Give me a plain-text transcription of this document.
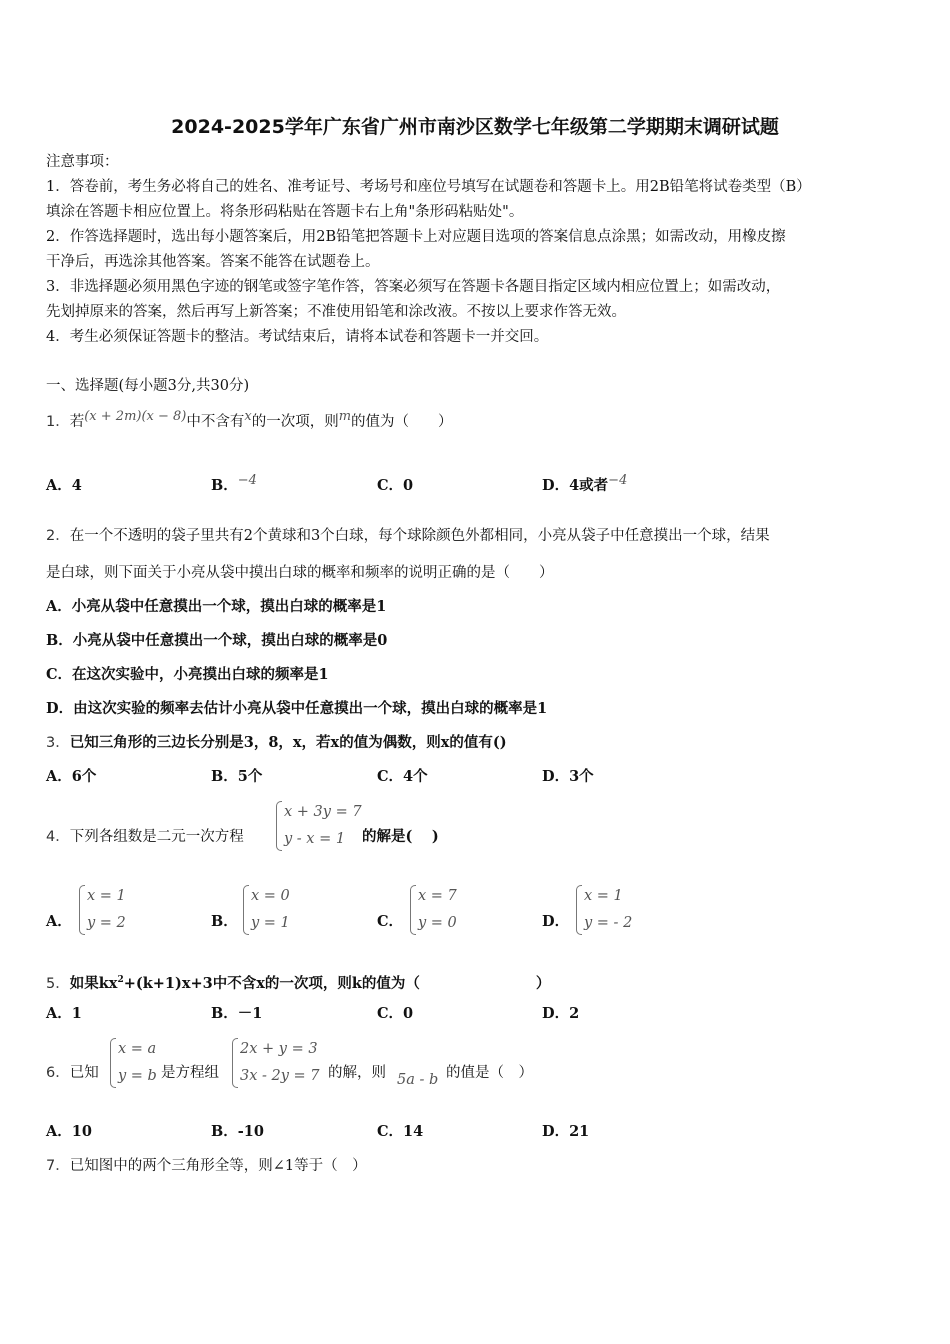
2024-2025学年广东省广州市南沙区数学七年级第二学期期末调研试题
注意事项：
1．答卷前，考生务必将自己的姓名、准考证号、考场号和座位号填写在试题卷和答题卡上。用2B铅笔将试卷类型（B）
填涂在答题卡相应位置上。将条形码粘贴在答题卡右上角"条形码粘贴处"。
2．作答选择题时，选出每小题答案后，用2B铅笔把答题卡上对应题目选项的答案信息点涂黑；如需改动，用橡皮擦
干净后，再选涂其他答案。答案不能答在试题卷上。
3．非选择题必须用黑色字迹的钢笔或签字笔作答，答案必须写在答题卡各题目指定区域内相应位置上；如需改动，
先划掉原来的答案，然后再写上新答案；不准使用铅笔和涂改液。不按以上要求作答无效。
4．考生必须保证答题卡的整洁。考试结束后，请将本试卷和答题卡一并交回。
一、选择题(每小题3分,共30分)
1．若(x + 2m)(x − 8)中不含有x的一次项，则m的值为（　　）
A．4	B．−4	C．0	D．4或者−4
2．在一个不透明的袋子里共有2个黄球和3个白球，每个球除颜色外都相同，小亮从袋子中任意摸出一个球，结果
是白球，则下面关于小亮从袋中摸出白球的概率和频率的说明正确的是（　　）
A．小亮从袋中任意摸出一个球，摸出白球的概率是1
B．小亮从袋中任意摸出一个球，摸出白球的概率是0
C．在这次实验中，小亮摸出白球的频率是1
D．由这次实验的频率去估计小亮从袋中任意摸出一个球，摸出白球的概率是1
3．已知三角形的三边长分别是3，8，x，若x的值为偶数，则x的值有()
A．6个	B．5个	C．4个	D．3个
4．下列各组数是二元一次方程
x + 3y = 7
y - x = 1	的解是(　 )
A．
x = 1
y = 2	B．
x = 0
y = 1	C．
x = 7
y = 0	D．
x = 1
y = - 2
5．如果$kx^2+(k+1)x+3$中不含x的一次项，则k的值为（　　　　　　　　）
A．1	B．－1	C．0	D．2
6．已知
x = a
y = b 是方程组
2x + y = 3
3x - 2y = 7 的解，则 5a - b 的值是（　）
A．10	B．-10	C．14	D．21
7．已知图中的两个三角形全等，则∠1等于（　）
